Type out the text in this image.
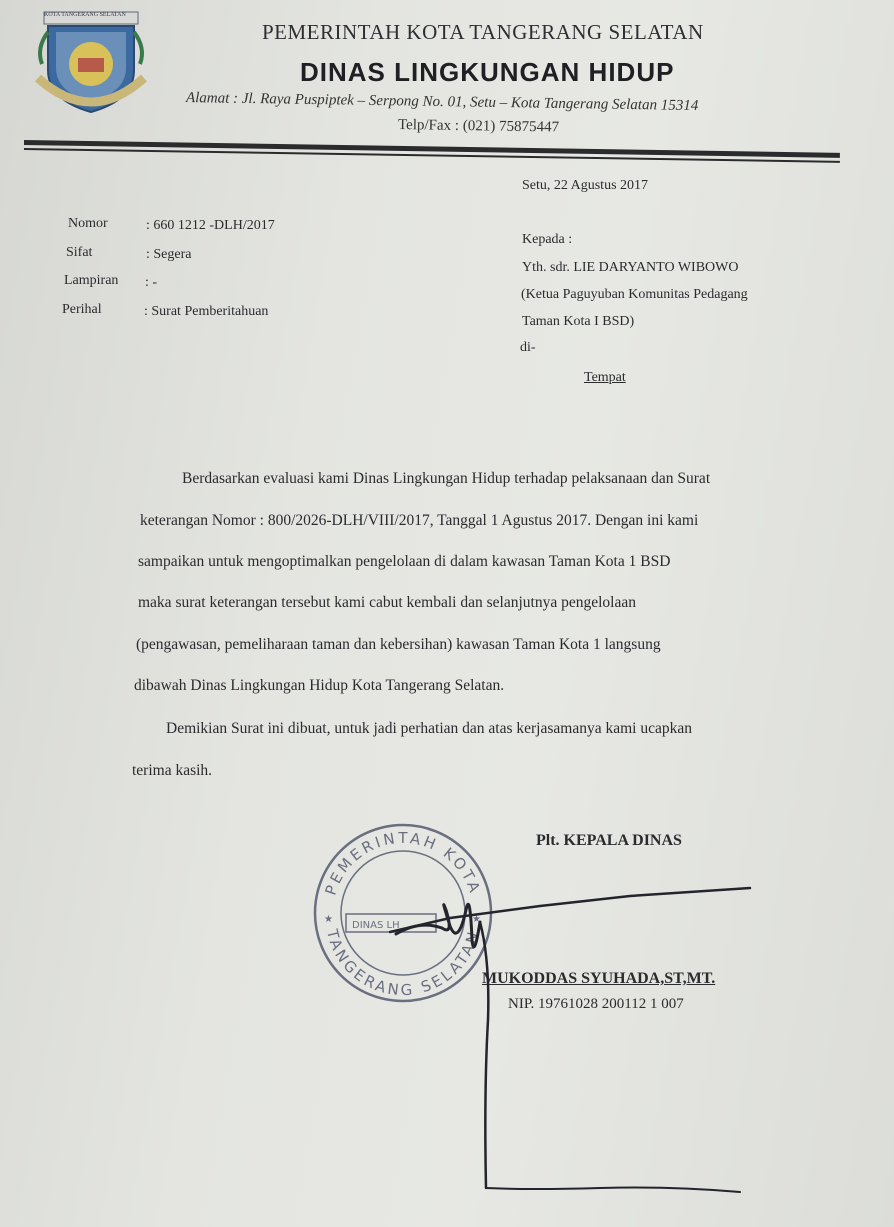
KOTA TANGERANG SELATAN
PEMERINTAH KOTA TANGERANG SELATAN
DINAS LINGKUNGAN HIDUP
Alamat : Jl. Raya Puspiptek – Serpong No. 01, Setu – Kota Tangerang Selatan 15314
Telp/Fax : (021) 75875447
Setu, 22 Agustus 2017
Nomor	: 660 1212 -DLH/2017
Sifat	: Segera
Lampiran : -
Perihal	: Surat Pemberitahuan
Kepada :
Yth. sdr. LIE DARYANTO WIBOWO
(Ketua Paguyuban Komunitas Pedagang
Taman Kota I BSD)
di-
Tempat
Berdasarkan evaluasi kami Dinas Lingkungan Hidup terhadap pelaksanaan dan Surat
keterangan Nomor : 800/2026-DLH/VIII/2017, Tanggal 1 Agustus 2017. Dengan ini kami
sampaikan untuk mengoptimalkan pengelolaan di dalam kawasan Taman Kota 1 BSD
maka surat keterangan tersebut kami cabut kembali dan selanjutnya pengelolaan
(pengawasan, pemeliharaan taman dan kebersihan) kawasan Taman Kota 1 langsung
dibawah Dinas Lingkungan Hidup Kota Tangerang Selatan.
Demikian Surat ini dibuat, untuk jadi perhatian dan atas kerjasamanya kami ucapkan
terima kasih.
PEMERINTAH KOTA
TANGERANG SELATAN
DINAS LH
★	★
Plt. KEPALA DINAS
MUKODDAS SYUHADA,ST,MT.
NIP. 19761028 200112 1 007
